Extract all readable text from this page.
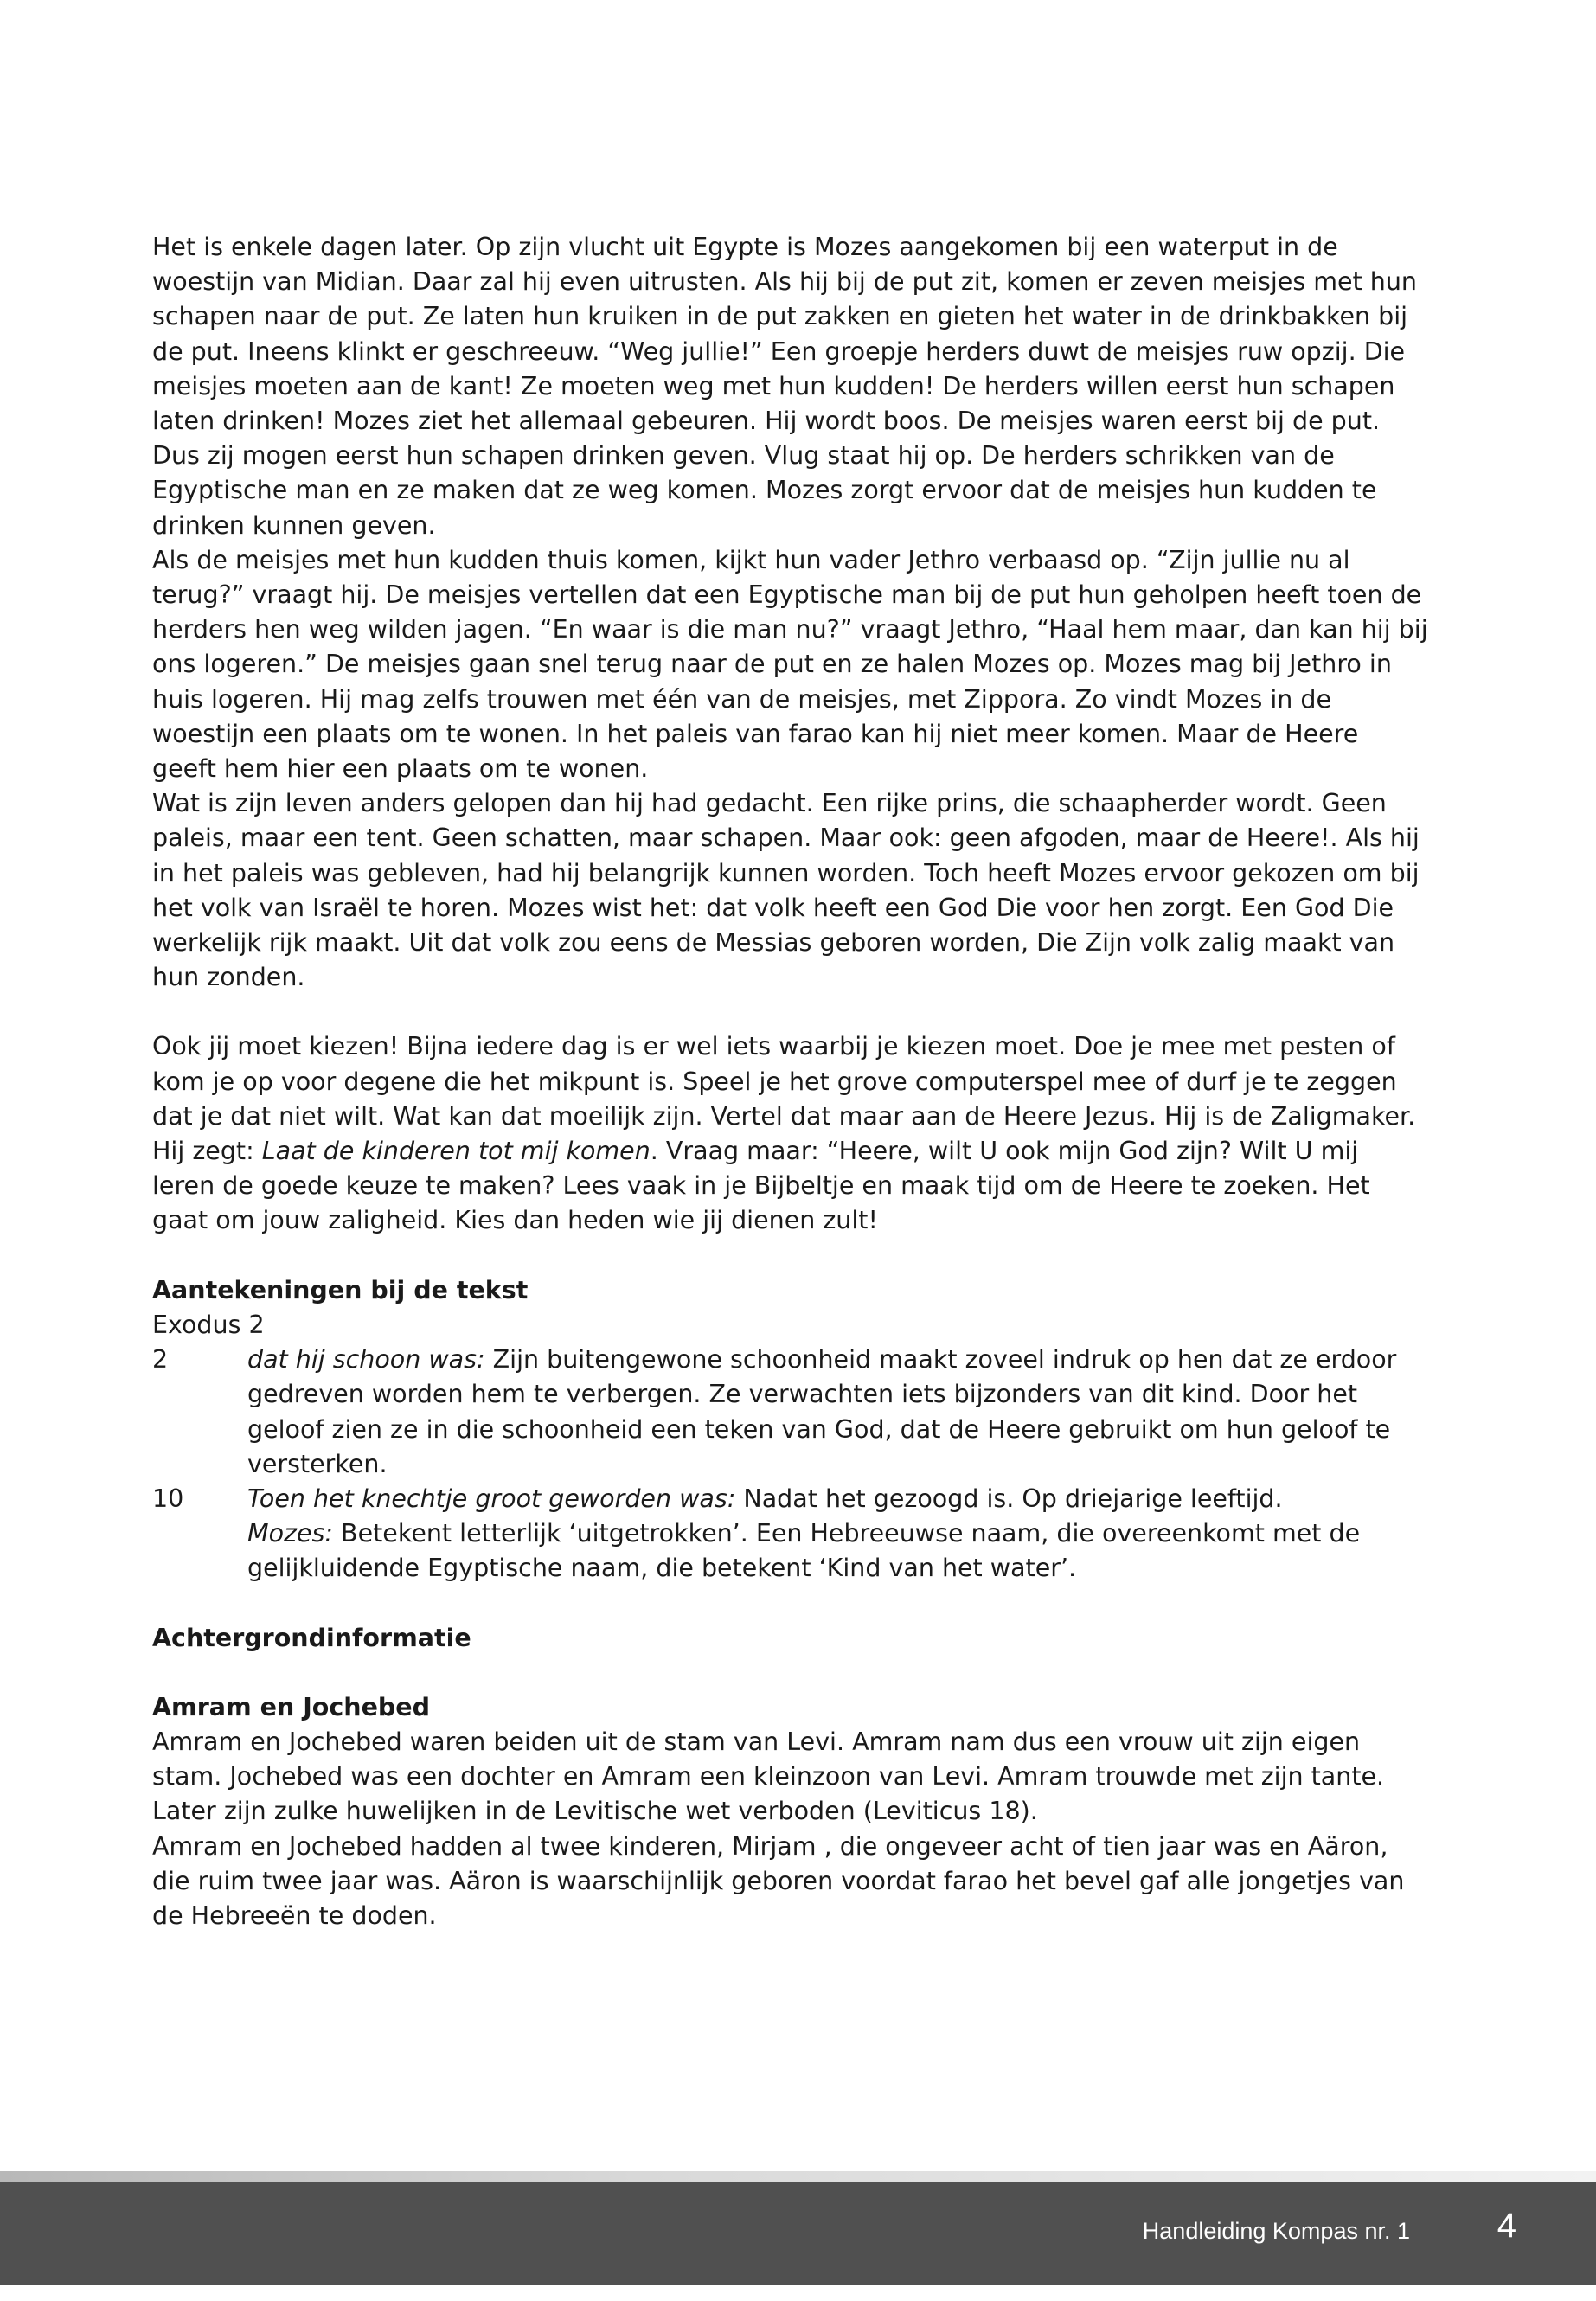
Het is enkele dagen later. Op zijn vlucht uit Egypte is Mozes aangekomen bij een waterput in de woestijn van Midian. Daar zal hij even uitrusten. Als hij bij de put zit, komen er zeven meisjes met hun schapen naar de put. Ze laten hun kruiken in de put zakken en gieten het water in de drinkbakken bij de put. Ineens klinkt er geschreeuw. “Weg jullie!” Een groepje herders duwt de meisjes ruw opzij. Die meisjes moeten aan de kant! Ze moeten weg met hun kudden! De herders willen eerst hun schapen laten drinken! Mozes ziet het allemaal gebeuren. Hij wordt boos. De meisjes waren eerst bij de put. Dus zij mogen eerst hun schapen drinken geven. Vlug staat hij op. De herders schrikken van de Egyptische man en ze maken dat ze weg komen. Mozes zorgt ervoor dat de meisjes hun kudden te drinken kunnen geven.

Als de meisjes met hun kudden thuis komen, kijkt hun vader Jethro verbaasd op. “Zijn jullie nu al terug?” vraagt hij. De meisjes vertellen dat een Egyptische man bij de put hun geholpen heeft toen de herders hen weg wilden jagen. “En waar is die man nu?” vraagt Jethro, “Haal hem maar, dan kan hij bij ons logeren.” De meisjes gaan snel terug naar de put en ze halen Mozes op. Mozes mag bij Jethro in huis logeren. Hij mag zelfs trouwen met één van de meisjes, met Zippora. Zo vindt Mozes in de woestijn een plaats om te wonen. In het paleis van farao kan hij niet meer komen. Maar de Heere geeft hem hier een plaats om te wonen.

Wat is zijn leven anders gelopen dan hij had gedacht. Een rijke prins, die schaapherder wordt. Geen paleis, maar een tent. Geen schatten, maar schapen. Maar ook: geen afgoden, maar de Heere!. Als hij in het paleis was gebleven, had hij belangrijk kunnen worden. Toch heeft Mozes ervoor gekozen om bij het volk van Israël te horen. Mozes wist het: dat volk heeft een God Die voor hen zorgt. Een God Die werkelijk rijk maakt. Uit dat volk zou eens de Messias geboren worden, Die Zijn volk zalig maakt van hun zonden.

Ook jij moet kiezen! Bijna iedere dag is er wel iets waarbij je kiezen moet. Doe je mee met pesten of kom je op voor degene die het mikpunt is. Speel je het grove computerspel mee of durf je te zeggen dat je dat niet wilt. Wat kan dat moeilijk zijn. Vertel dat maar aan de Heere Jezus. Hij is de Zaligmaker. Hij zegt: Laat de kinderen tot mij komen. Vraag maar: “Heere, wilt U ook mijn God zijn? Wilt U mij leren de goede keuze te maken? Lees vaak in je Bijbeltje en maak tijd om de Heere te zoeken. Het gaat om jouw zaligheid. Kies dan heden wie jij dienen zult!

Aantekeningen bij de tekst

Exodus 2

2	dat hij schoon was: Zijn buitengewone schoonheid maakt zoveel indruk op hen dat ze erdoor gedreven worden hem te verbergen. Ze verwachten iets bijzonders van dit kind. Door het geloof zien ze in die schoonheid een teken van God, dat de Heere gebruikt om hun geloof te versterken.

10	Toen het knechtje groot geworden was: Nadat het gezoogd is. Op driejarige leeftijd.

Mozes: Betekent letterlijk ‘uitgetrokken’. Een Hebreeuwse naam, die overeenkomt met de gelijkluidende Egyptische naam, die betekent ‘Kind van het water’.

Achtergrondinformatie

Amram en Jochebed

Amram en Jochebed waren beiden uit de stam van Levi. Amram nam dus een vrouw uit zijn eigen stam. Jochebed was een dochter en Amram een kleinzoon van Levi. Amram trouwde met zijn tante. Later zijn zulke huwelijken in de Levitische wet verboden (Leviticus 18).

Amram en Jochebed hadden al twee kinderen, Mirjam , die ongeveer acht of tien jaar was en Aäron, die ruim twee jaar was. Aäron is waarschijnlijk geboren voordat farao het bevel gaf alle jongetjes van de Hebreeën te doden.

Handleiding Kompas nr. 1	4
